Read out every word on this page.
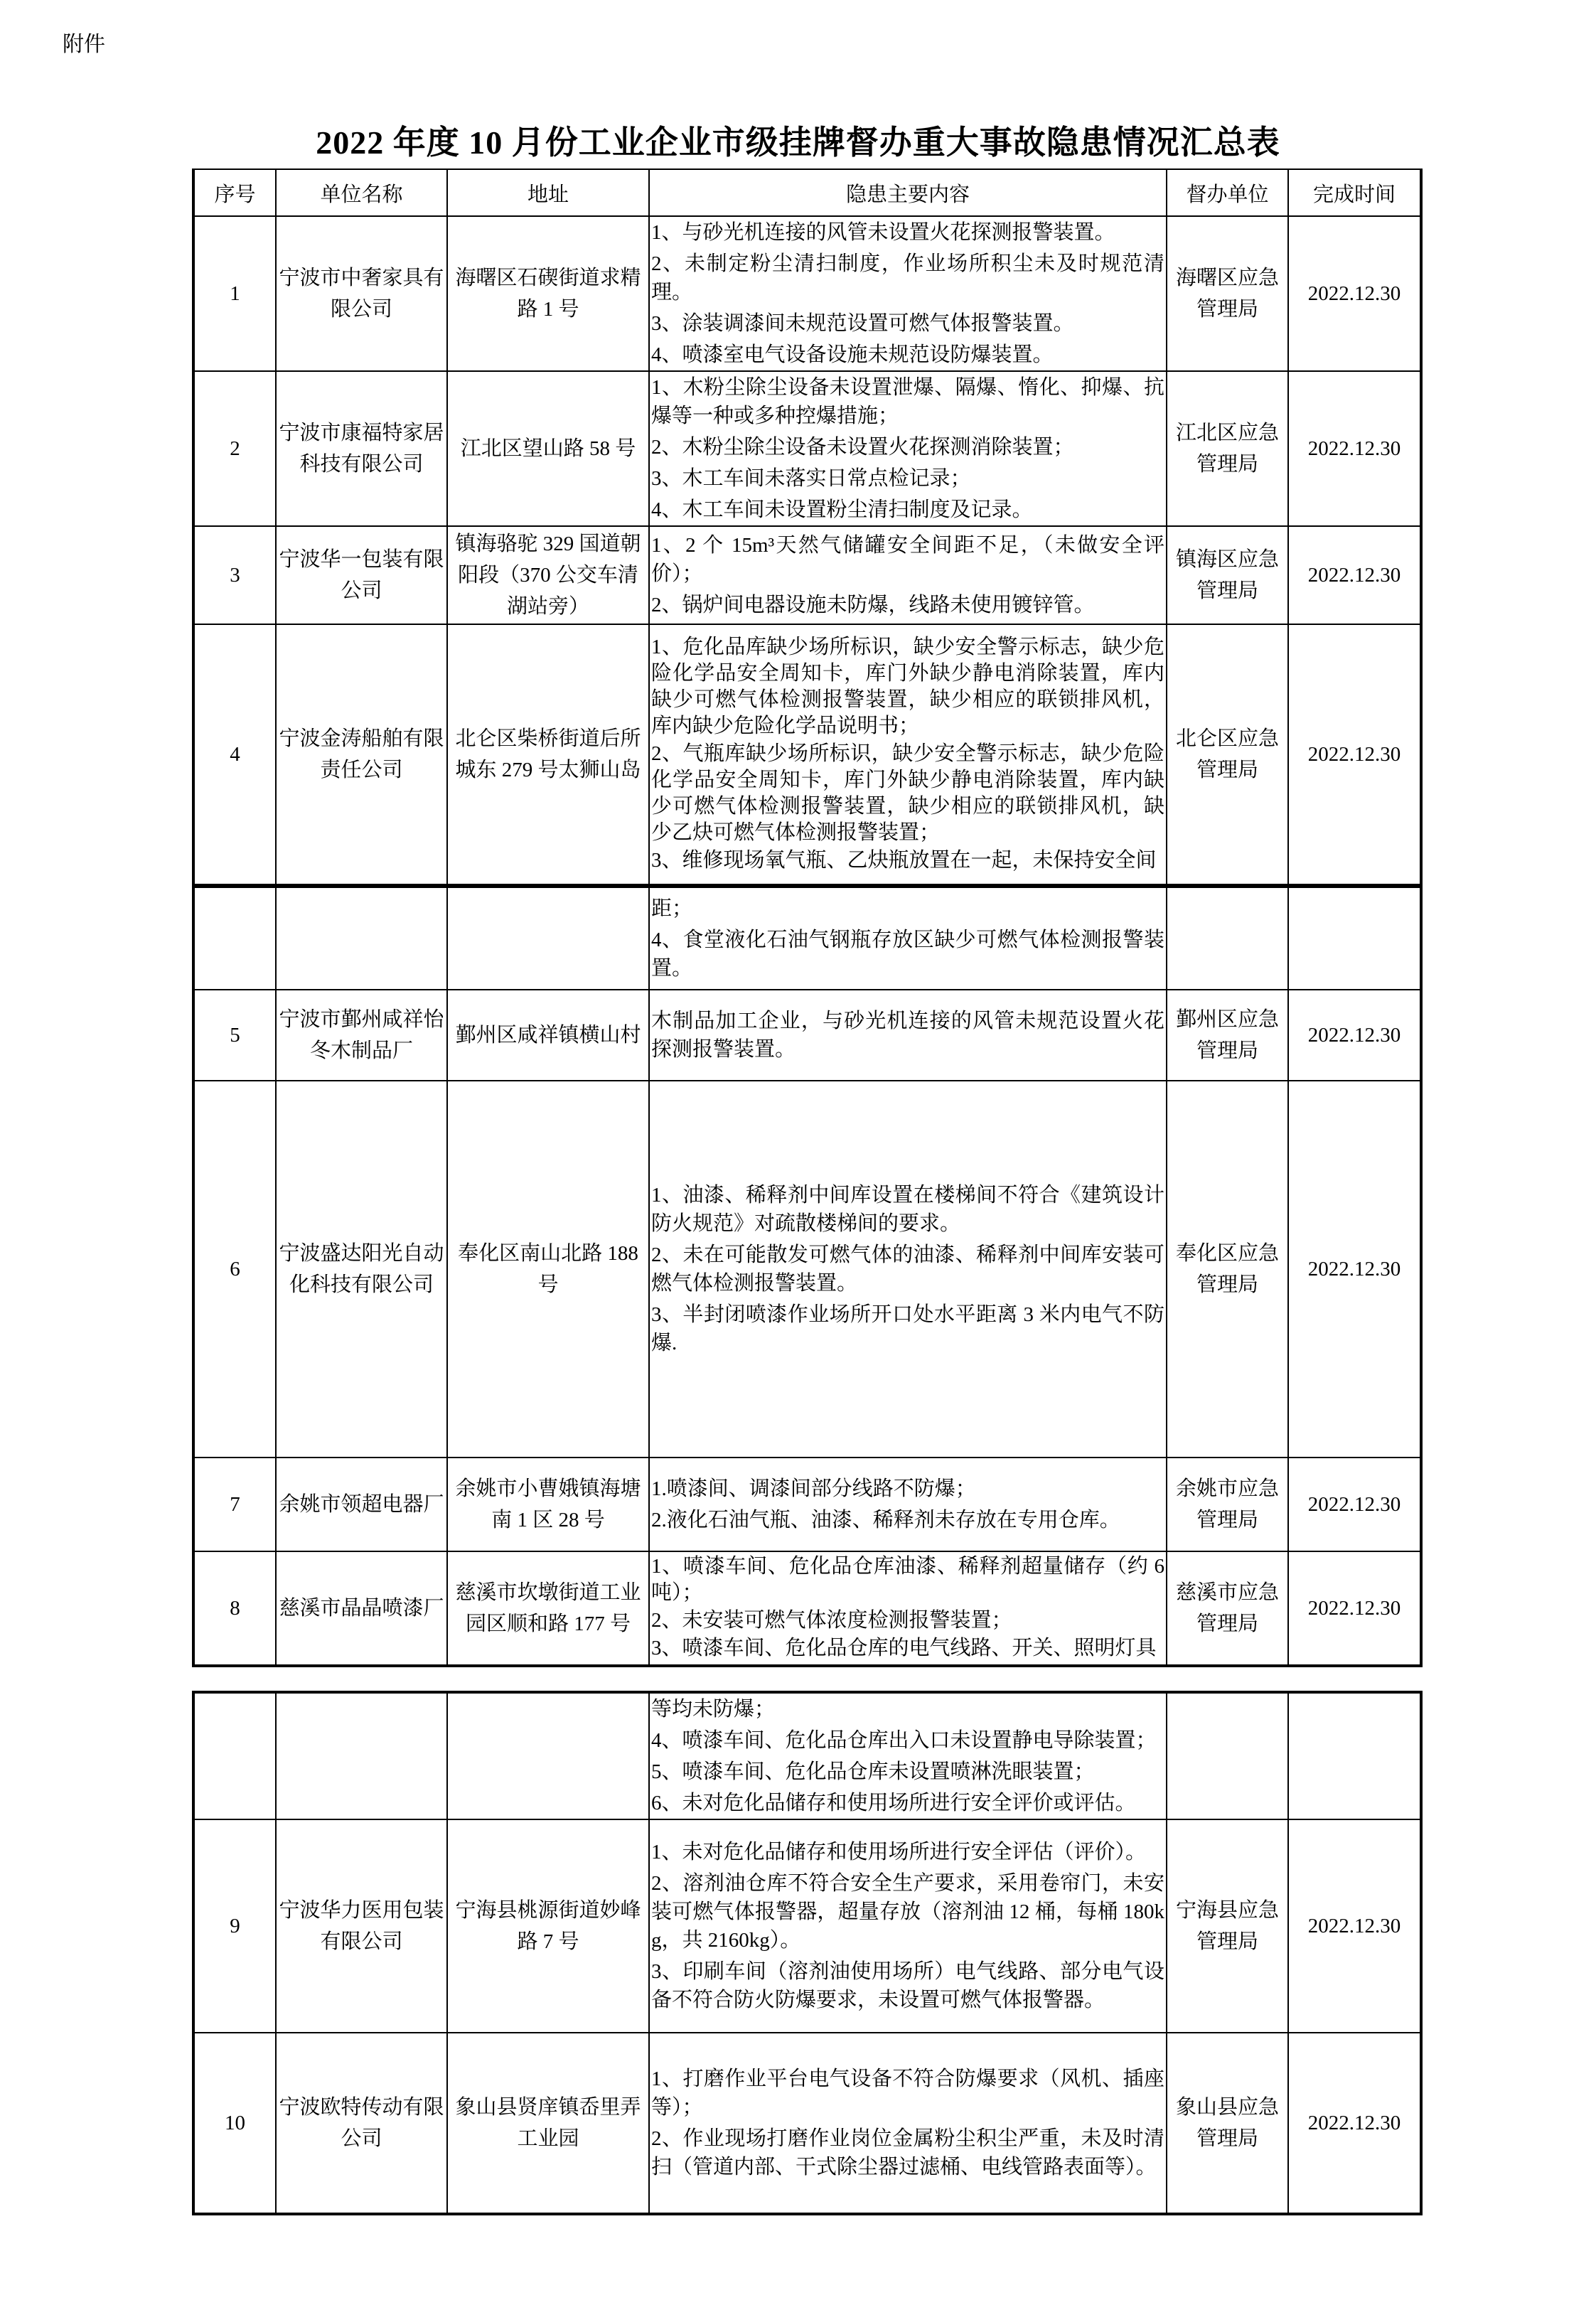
附件
2022 年度 10 月份工业企业市级挂牌督办重大事故隐患情况汇总表
序号	单位名称	地址	隐患主要内容	督办单位	完成时间
1	宁波市中奢家具有限公司	海曙区石碶街道求精路 1 号	1、与砂光机连接的风管未设置火花探测报警装置。

2、未制定粉尘清扫制度，作业场所积尘未及时规范清理。

3、涂装调漆间未规范设置可燃气体报警装置。

4、喷漆室电气设备设施未规范设防爆装置。	海曙区应急管理局	2022.12.30
2	宁波市康福特家居科技有限公司	江北区望山路 58 号	1、木粉尘除尘设备未设置泄爆、隔爆、惰化、抑爆、抗爆等一种或多种控爆措施；

2、木粉尘除尘设备未设置火花探测消除装置；

3、木工车间未落实日常点检记录；

4、木工车间未设置粉尘清扫制度及记录。	江北区应急管理局	2022.12.30
3	宁波华一包装有限公司	镇海骆驼 329 国道朝阳段（370 公交车清湖站旁）	1、2 个 15m³天然气储罐安全间距不足，（未做安全评价）；

2、锅炉间电器设施未防爆，线路未使用镀锌管。	镇海区应急管理局	2022.12.30
4	宁波金涛船舶有限责任公司	北仑区柴桥街道后所城东 279 号太狮山岛	1、危化品库缺少场所标识，缺少安全警示标志，缺少危险化学品安全周知卡，库门外缺少静电消除装置，库内缺少可燃气体检测报警装置，缺少相应的联锁排风机，库内缺少危险化学品说明书；

2、气瓶库缺少场所标识，缺少安全警示标志，缺少危险化学品安全周知卡，库门外缺少静电消除装置，库内缺少可燃气体检测报警装置，缺少相应的联锁排风机，缺少乙炔可燃气体检测报警装置；

3、维修现场氧气瓶、乙炔瓶放置在一起，未保持安全间	北仑区应急管理局	2022.12.30

			距；

4、食堂液化石油气钢瓶存放区缺少可燃气体检测报警装置。		

5	宁波市鄞州咸祥怡冬木制品厂	鄞州区咸祥镇横山村	木制品加工企业，与砂光机连接的风管未规范设置火花探测报警装置。	鄞州区应急管理局	2022.12.30
6	宁波盛达阳光自动化科技有限公司	奉化区南山北路 188 号	1、油漆、稀释剂中间库设置在楼梯间不符合《建筑设计防火规范》对疏散楼梯间的要求。

2、未在可能散发可燃气体的油漆、稀释剂中间库安装可燃气体检测报警装置。

3、半封闭喷漆作业场所开口处水平距离 3 米内电气不防爆.	奉化区应急管理局	2022.12.30
7	余姚市领超电器厂	余姚市小曹娥镇海塘南 1 区 28 号	1.喷漆间、调漆间部分线路不防爆；

2.液化石油气瓶、油漆、稀释剂未存放在专用仓库。	余姚市应急管理局	2022.12.30
8	慈溪市晶晶喷漆厂	慈溪市坎墩街道工业园区顺和路 177 号	1、喷漆车间、危化品仓库油漆、稀释剂超量储存（约 6 吨）；

2、未安装可燃气体浓度检测报警装置；

3、喷漆车间、危化品仓库的电气线路、开关、照明灯具	慈溪市应急管理局	2022.12.30

			等均未防爆；

4、喷漆车间、危化品仓库出入口未设置静电导除装置；

5、喷漆车间、危化品仓库未设置喷淋洗眼装置；

6、未对危化品储存和使用场所进行安全评价或评估。		

9	宁波华力医用包装有限公司	宁海县桃源街道妙峰路 7 号	1、未对危化品储存和使用场所进行安全评估（评价）。

2、溶剂油仓库不符合安全生产要求，采用卷帘门，未安装可燃气体报警器，超量存放（溶剂油 12 桶，每桶 180kg，共 2160kg）。

3、印刷车间（溶剂油使用场所）电气线路、部分电气设备不符合防火防爆要求，未设置可燃气体报警器。	宁海县应急管理局	2022.12.30
10	宁波欧特传动有限公司	象山县贤庠镇岙里弄工业园	1、打磨作业平台电气设备不符合防爆要求（风机、插座等）；

2、作业现场打磨作业岗位金属粉尘积尘严重，未及时清扫（管道内部、干式除尘器过滤桶、电线管路表面等）。	象山县应急管理局	2022.12.30
